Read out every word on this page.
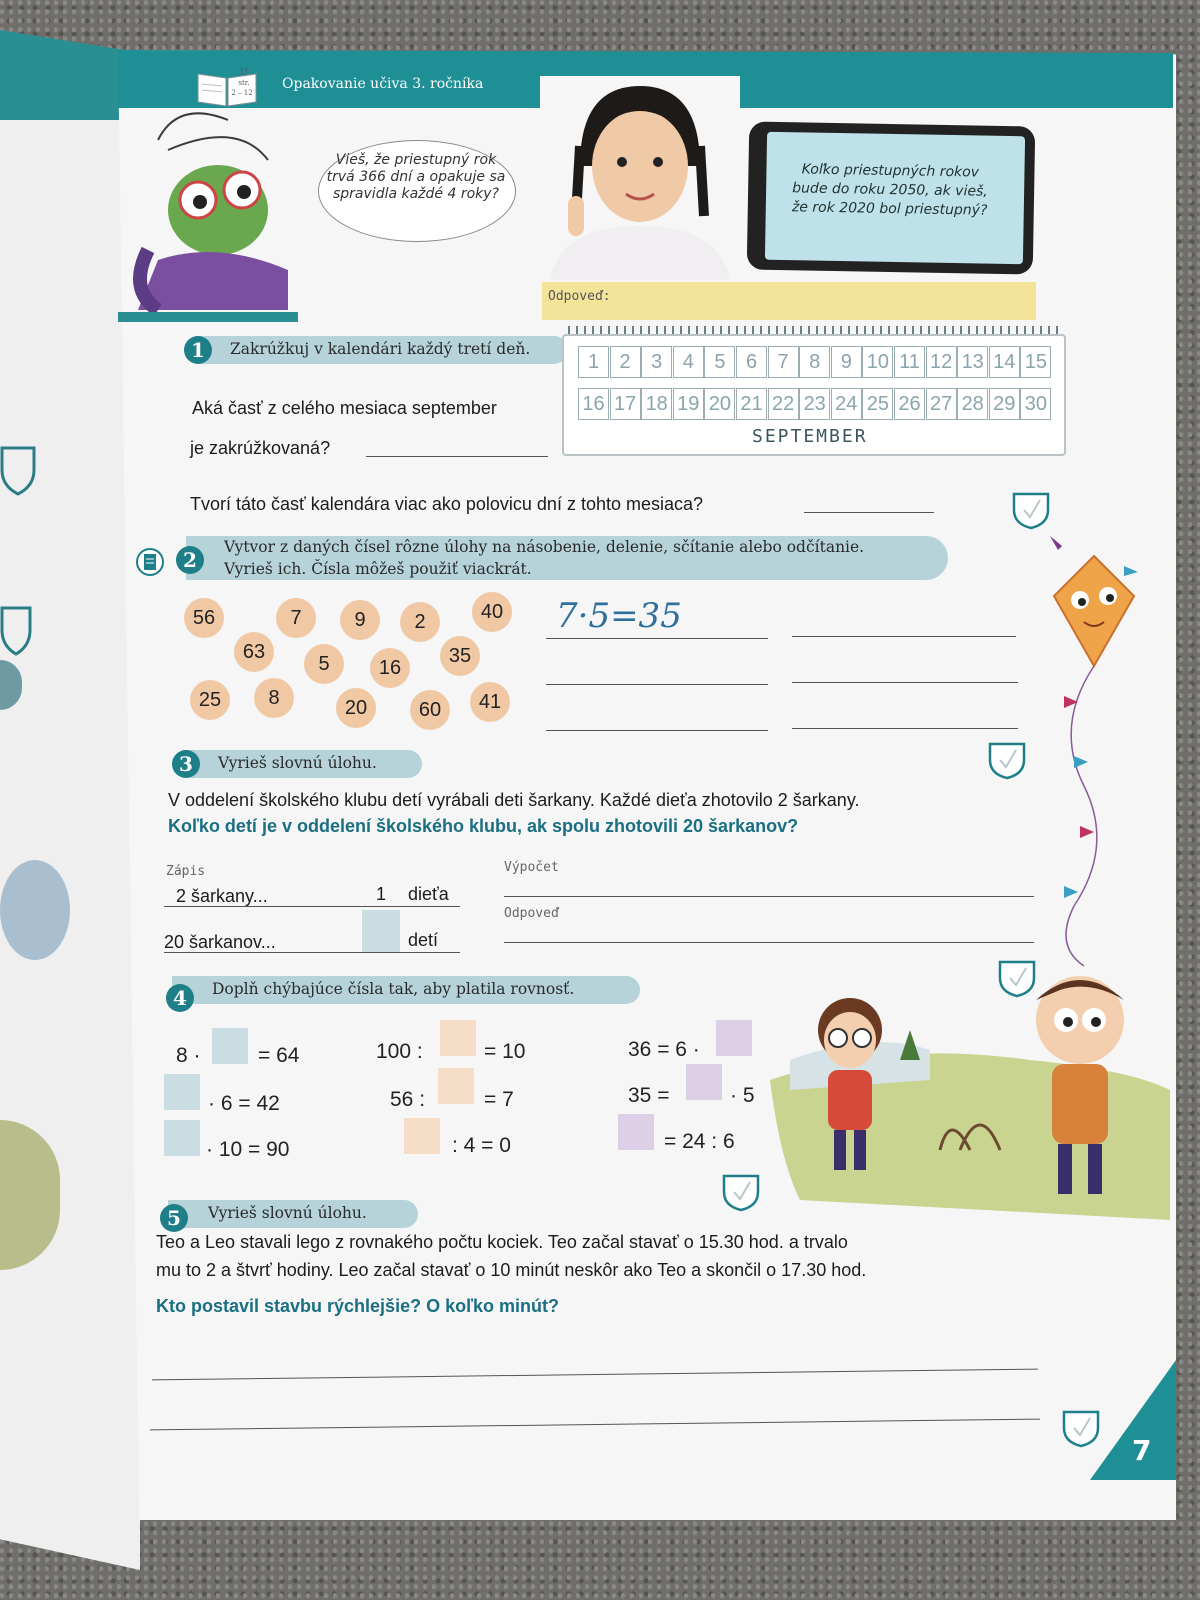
U
str.
2 – 12
Opakovanie učiva 3. ročníka
Vieš, že priestupný rok trvá 366 dní a opakuje sa spravidla každé 4 roky?
Koľko priestupných rokov bude do roku 2050, ak vieš, že rok 2020 bol priestupný?
Odpoveď:
1	Zakrúžkuj v kalendári každý tretí deň.
Aká časť z celého mesiaca september
je zakrúžkovaná?
1	2	3	4	5	6	7	8	9 10 11 12 13 14 15
16 17 18 19 20 21 22 23 24 25 26 27 28 29 30
SEPTEMBER
Tvorí táto časť kalendára viac ako polovicu dní z tohto mesiaca?
2
Vytvor z daných čísel rôzne úlohy na násobenie, delenie, sčítanie alebo odčítanie.
Vyrieš ich. Čísla môžeš použiť viackrát.
56	7	9	2	40
63
5	16
35
25	8	20	60	41
7·5=35
3	Vyrieš slovnú úlohu.
V oddelení školského klubu detí vyrábali deti šarkany. Každé dieťa zhotovilo 2 šarkany.
Koľko detí je v oddelení školského klubu, ak spolu zhotovili 20 šarkanov?
Zápis	Výpočet
2 šarkany...	1 dieťa
Odpoveď
20 šarkanov...	detí
4	Doplň chýbajúce čísla tak, aby platila rovnosť.
8 ·	= 64
· 6 = 42
· 10 = 90
100 :	= 10
56 :	= 7
: 4 = 0
36 = 6 ·
35 =	· 5
= 24 : 6
5	Vyrieš slovnú úlohu.
Teo a Leo stavali lego z rovnakého počtu kociek. Teo začal stavať o 15.30 hod. a trvalo
mu to 2 a štvrť hodiny. Leo začal stavať o 10 minút neskôr ako Teo a skončil o 17.30 hod.
Kto postavil stavbu rýchlejšie? O koľko minút?
7
